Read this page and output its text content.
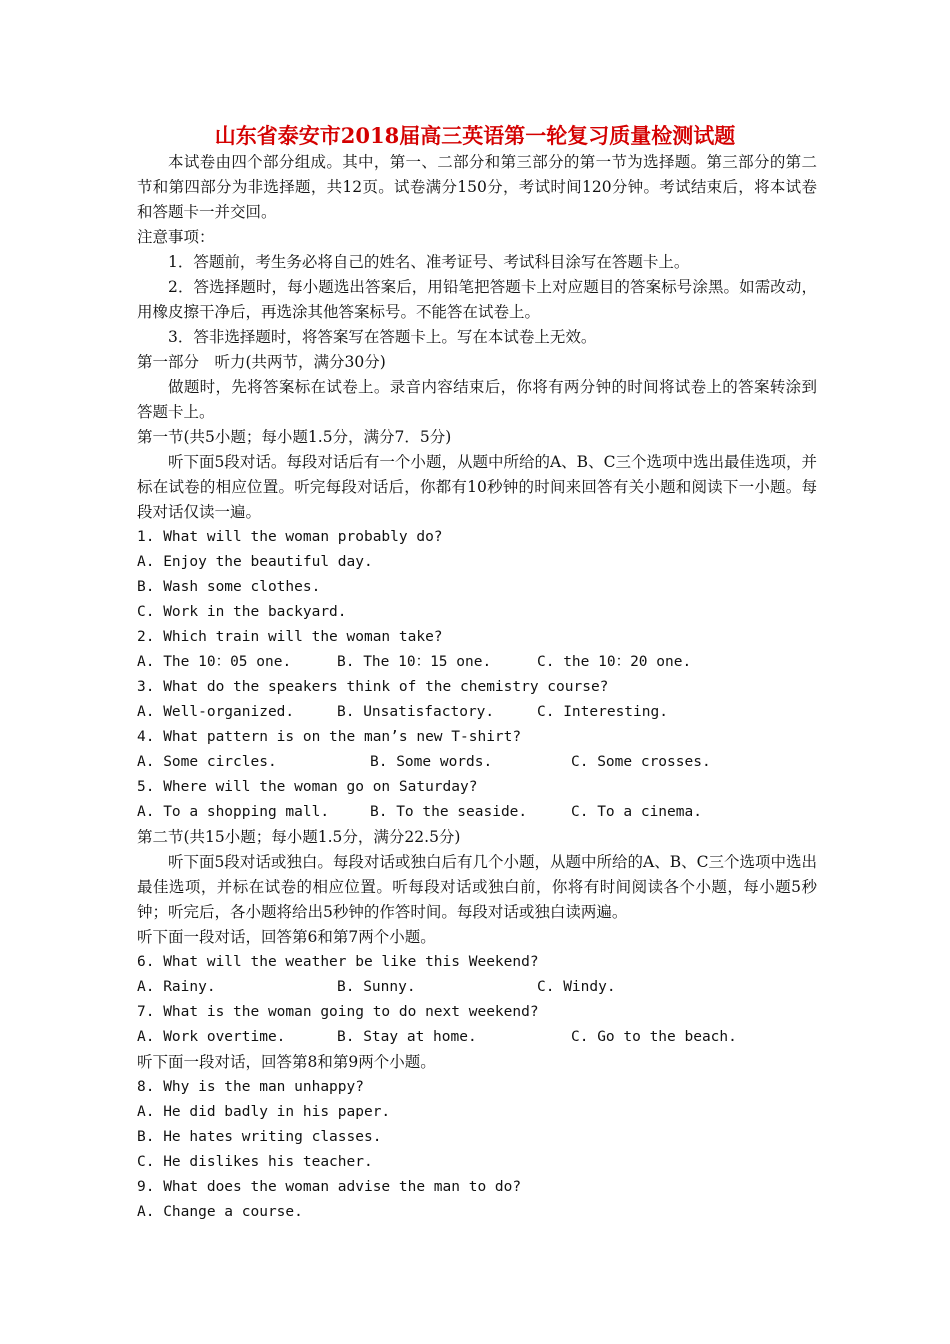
山东省泰安市2018届高三英语第一轮复习质量检测试题
本试卷由四个部分组成。其中，第一、二部分和第三部分的第一节为选择题。第三部分的第二节和第四部分为非选择题，共12页。试卷满分150分，考试时间120分钟。考试结束后，将本试卷和答题卡一并交回。
注意事项：
1．答题前，考生务必将自己的姓名、准考证号、考试科目涂写在答题卡上。
2．答选择题时，每小题选出答案后，用铅笔把答题卡上对应题目的答案标号涂黑。如需改动，用橡皮擦干净后，再选涂其他答案标号。不能答在试卷上。
3．答非选择题时，将答案写在答题卡上。写在本试卷上无效。
第一部分　听力(共两节，满分30分)
做题时，先将答案标在试卷上。录音内容结束后，你将有两分钟的时间将试卷上的答案转涂到答题卡上。
第一节(共5小题；每小题1.5分，满分7．5分)
听下面5段对话。每段对话后有一个小题，从题中所给的A、B、C三个选项中选出最佳选项，并标在试卷的相应位置。听完每段对话后，你都有10秒钟的时间来回答有关小题和阅读下一小题。每段对话仅读一遍。
1. What will the woman probably do?
A. Enjoy the beautiful day.
B. Wash some clothes.
C. Work in the backyard.
2. Which train will the woman take?
A. The 10：05 one.	B. The 10：15 one.	C. the 10：20 one.
3. What do the speakers think of the chemistry course?
A. Well-organized.	B. Unsatisfactory.	C. Interesting.
4. What pattern is on the man’s new T-shirt?
A. Some circles.	B. Some words.	C. Some crosses.
5. Where will the woman go on Saturday?
A. To a shopping mall.	B. To the seaside.	C. To a cinema.
第二节(共15小题；每小题1.5分，满分22.5分)
听下面5段对话或独白。每段对话或独白后有几个小题，从题中所给的A、B、C三个选项中选出最佳选项，并标在试卷的相应位置。听每段对话或独白前，你将有时间阅读各个小题，每小题5秒钟；听完后，各小题将给出5秒钟的作答时间。每段对话或独白读两遍。
听下面一段对话，回答第6和第7两个小题。
6. What will the weather be like this Weekend?
A. Rainy.	B. Sunny.	C. Windy.
7. What is the woman going to do next weekend?
A. Work overtime.	B. Stay at home.	C. Go to the beach.
听下面一段对话，回答第8和第9两个小题。
8. Why is the man unhappy?
A. He did badly in his paper.
B. He hates writing classes.
C. He dislikes his teacher.
9. What does the woman advise the man to do?
A. Change a course.
